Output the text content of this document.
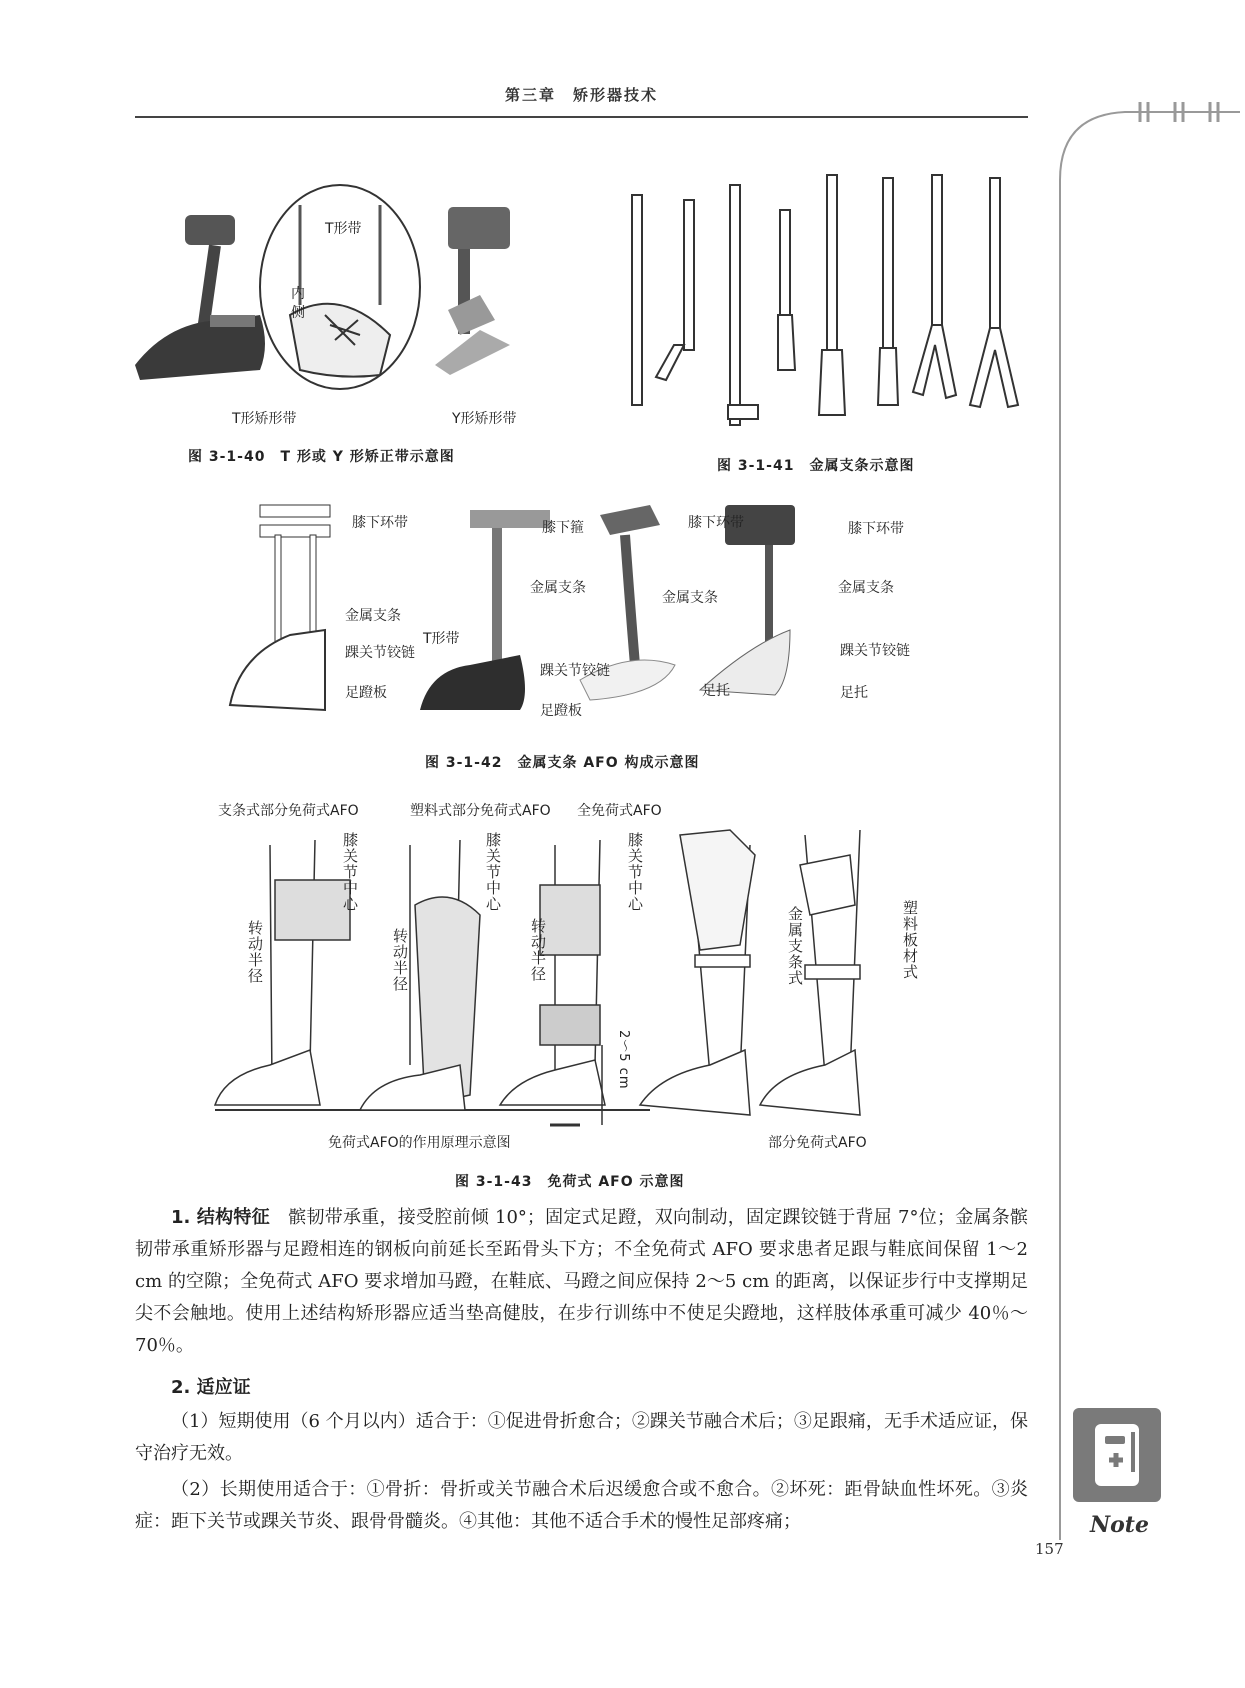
第三章　矫形器技术
T形带
内
侧
T形矫形带	Y形矫形带
图 3-1-40　T 形或 Y 形矫正带示意图
图 3-1-41　金属支条示意图
膝下环带
金属支条
踝关节铰链
足蹬板
膝下箍
金属支条
T形带
踝关节铰链
足蹬板
膝下环带
金属支条
足托
膝下环带
金属支条
踝关节铰链
足托
图 3-1-42　金属支条 AFO 构成示意图
支条式部分免荷式AFO	塑料式部分免荷式AFO 全免荷式AFO
膝关节中心	膝关节中心	膝关节中心
转动半径	转动半径	转动半径
2～5 cm
金属支条式	塑料板材式
免荷式AFO的作用原理示意图	部分免荷式AFO
图 3-1-43　免荷式 AFO 示意图
1. 结构特征　 髌韧带承重，接受腔前倾 10°；固定式足蹬，双向制动，固定踝铰链于背屈 7°位；金属条髌韧带承重矫形器与足蹬相连的钢板向前延长至跖骨头下方；不全免荷式 AFO 要求患者足跟与鞋底间保留 1～2 cm 的空隙；全免荷式 AFO 要求增加马蹬，在鞋底、马蹬之间应保持 2～5 cm 的距离，以保证步行中支撑期足尖不会触地。使用上述结构矫形器应适当垫高健肢，在步行训练中不使足尖蹬地，这样肢体承重可减少 40％～70％。
2. 适应证
（1）短期使用（6 个月以内）适合于：①促进骨折愈合；②踝关节融合术后；③足跟痛，无手术适应证，保守治疗无效。
（2）长期使用适合于：①骨折：骨折或关节融合术后迟缓愈合或不愈合。②坏死：距骨缺血性坏死。③炎症：距下关节或踝关节炎、跟骨骨髓炎。④其他：其他不适合手术的慢性足部疼痛；	Note
157
